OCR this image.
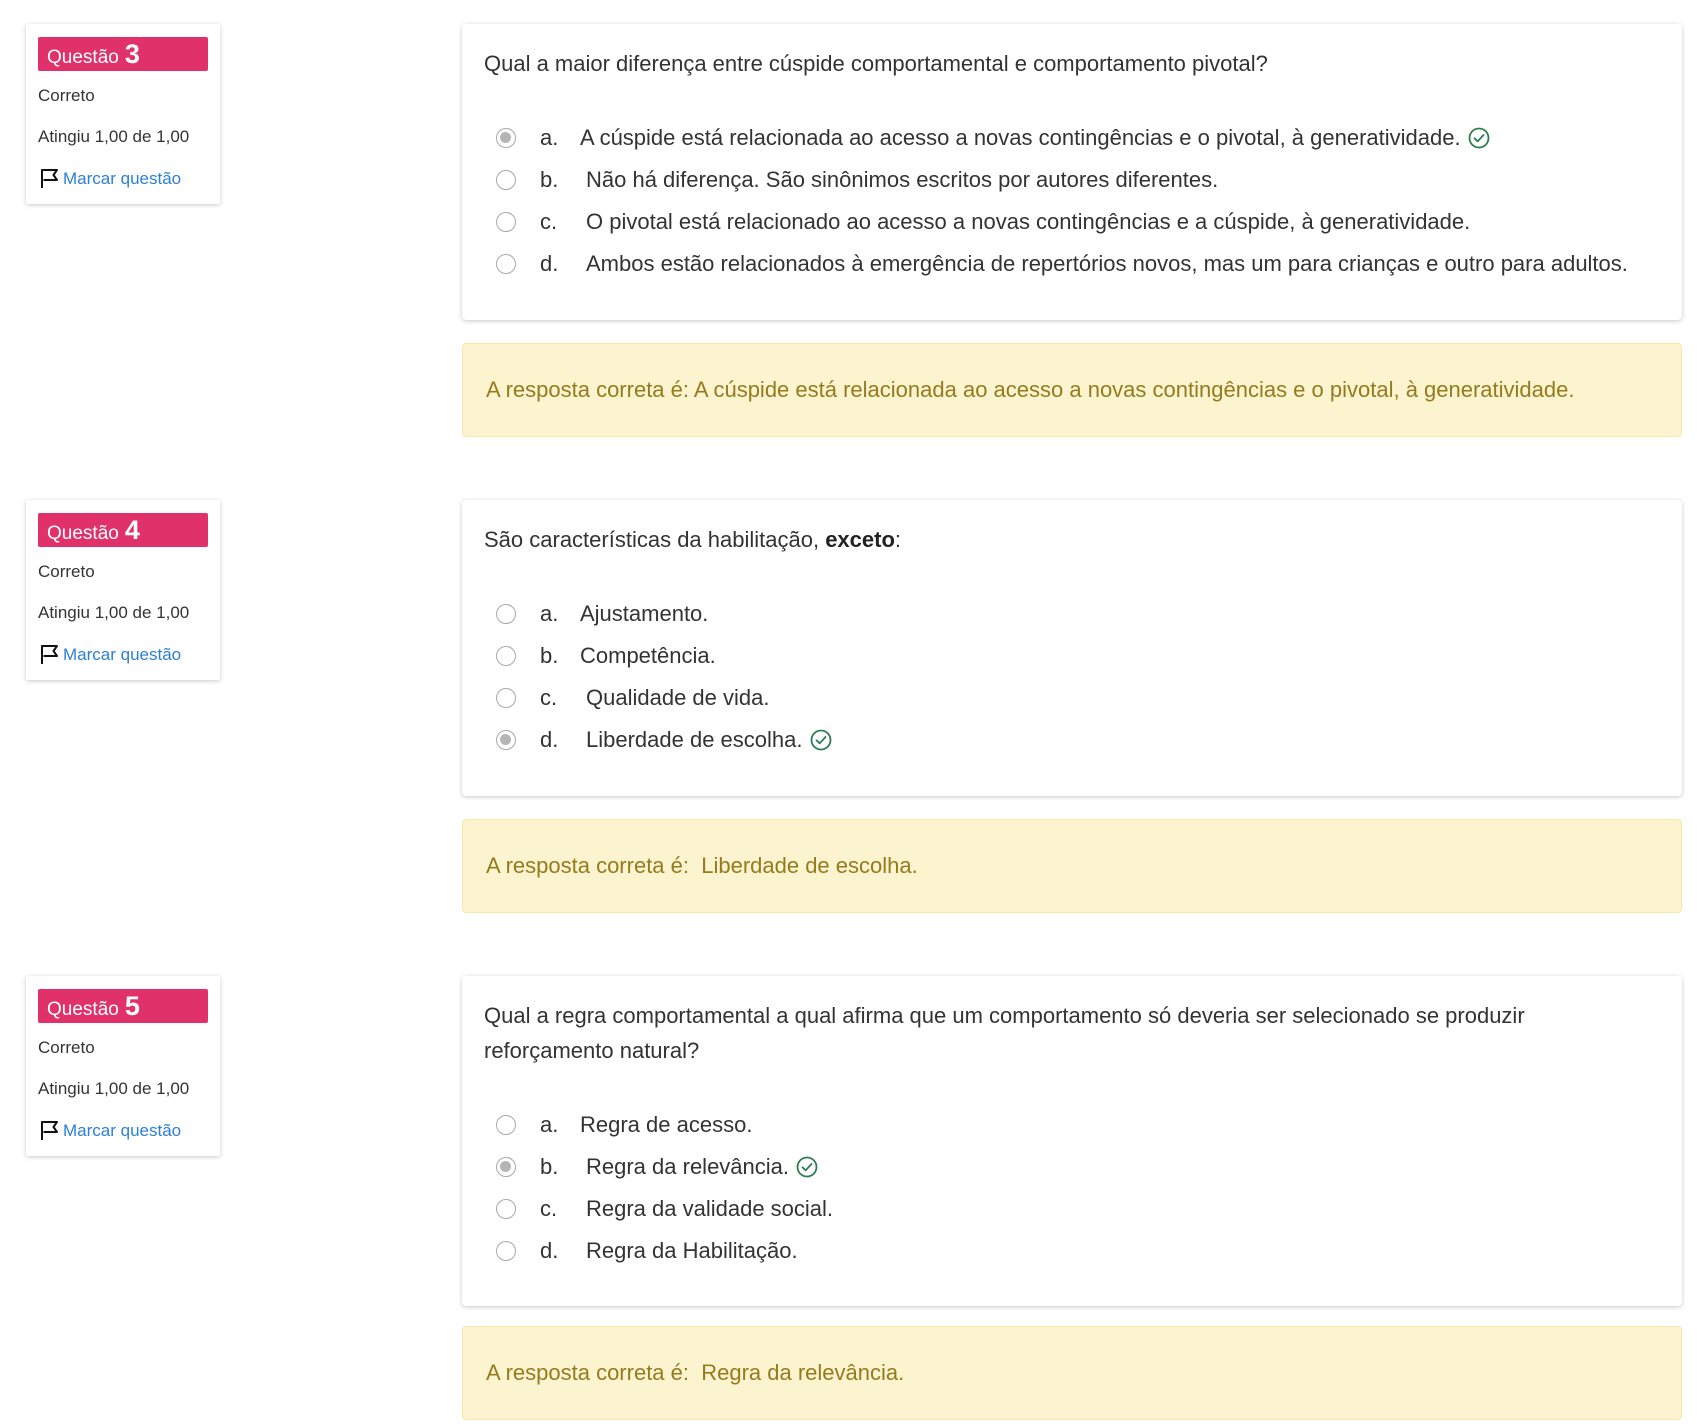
Questão 3
Correto
Atingiu 1,00 de 1,00
Marcar questão
Qual a maior diferença entre cúspide comportamental e comportamento pivotal?
a. A cúspide está relacionada ao acesso a novas contingências e o pivotal, à generatividade.
b.	Não há diferença. São sinônimos escritos por autores diferentes.
c.	O pivotal está relacionado ao acesso a novas contingências e a cúspide, à generatividade.
d.	Ambos estão relacionados à emergência de repertórios novos, mas um para crianças e outro para adultos.
A resposta correta é: A cúspide está relacionada ao acesso a novas contingências e o pivotal, à generatividade.
Questão 4
Correto
Atingiu 1,00 de 1,00
Marcar questão
São características da habilitação, exceto:
a. Ajustamento.
b. Competência.
c.	Qualidade de vida.
d.	Liberdade de escolha.
A resposta correta é:  Liberdade de escolha.
Questão 5
Correto
Atingiu 1,00 de 1,00
Marcar questão
Qual a regra comportamental a qual afirma que um comportamento só deveria ser selecionado se produzir reforçamento natural?
a. Regra de acesso.
b.	Regra da relevância.
c.	Regra da validade social.
d.	Regra da Habilitação.
A resposta correta é:  Regra da relevância.
